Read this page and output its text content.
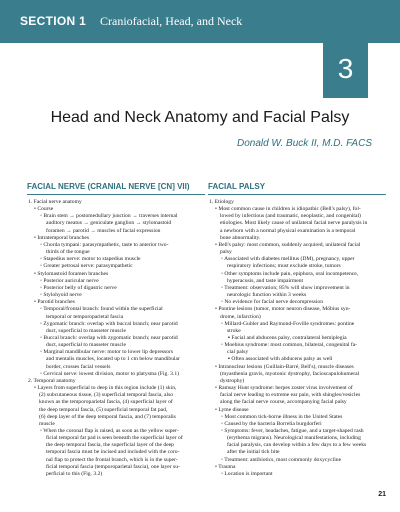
SECTION 1 Craniofacial, Head, and Neck
3
Head and Neck Anatomy and Facial Palsy
Donald W. Buck II, M.D. FACS
FACIAL NERVE (CRANIAL NERVE [CN] VII)
1. Facial nerve anatomy
• Course
◦ Brain stem → postomedullary junction → traverses internal
auditory meatus → geniculate ganglion → stylomastoid
foramen → parotid → muscles of facial expression
• Intratemporal branches
◦ Chorda tympani: parasympathetic, taste to anterior two-
thirds of the tongue
◦ Stapedius nerve: motor to stapedius muscle
◦ Greater petrosal nerve: parasympathetic
• Stylomastoid foramen branches
◦ Posterior auricular nerve
◦ Posterior belly of digastric nerve
◦ Stylohyoid nerve
• Parotid branches
◦ Temporal/frontal branch: found within the superficial
temporal or temporoparietal fascia
◦ Zygomatic branch: overlap with buccal branch; near parotid
duct, superficial to masseter muscle
◦ Buccal branch: overlap with zygomatic branch; near parotid
duct, superficial to masseter muscle
◦ Marginal mandibular nerve: motor to lower lip depressors
and mentalis muscles, located up to 1 cm below mandibular
border, crosses facial vessels
◦ Cervical nerve: lowest division, motor to platysma (Fig. 3.1)
2. Temporal anatomy
• Layers from superficial to deep in this region include (1) skin,
(2) subcutaneous tissue, (3) superficial temporal fascia, also
known as the temporoparietal fascia, (4) superficial layer of
the deep temporal fascia, (5) superficial temporal fat pad,
(6) deep layer of the deep temporal fascia, and (7) temporalis
muscle
◦ When the coronal flap is raised, as soon as the yellow super-
ficial temporal fat pad is seen beneath the superficial layer of
the deep temporal fascia, the superficial layer of the deep
temporal fascia must be incised and included with the coro-
nal flap to protect the frontal branch, which is in the super-
ficial temporal fascia (temporoparietal fascia), one layer su-
perficial to this (Fig. 3.2)
FACIAL PALSY
1. Etiology
• Most common cause in children is idiopathic (Bell's palsy), fol-
lowed by infectious (and traumatic, neoplastic, and congenital)
etiologies. Most likely cause of unilateral facial nerve paralysis in
a newborn with a normal physical examination is a temporal
bone abnormality.
• Bell's palsy: most common, suddenly acquired, unilateral facial
palsy
◦ Associated with diabetes mellitus (DM), pregnancy, upper
respiratory infections; must exclude stroke, tumors
◦ Other symptoms include pain, epiphora, oral incompetence,
hyperacusis, and taste impairment
◦ Treatment: observation; 85% will show improvement in
neurologic function within 3 weeks
◦ No evidence for facial nerve decompression
• Pontine lesions (tumor, motor neuron disease, Möbius syn-
drome, infarction)
◦ Millard-Gubler and Raymond-Foville syndromes: pontine
stroke
▪ Facial and abducens palsy, contralateral hemiplegia
◦ Moebius syndrome: most common, bilateral, congenital fa-
cial palsy
▪ Often associated with abducens palsy as well
• Intranuclear lesions (Guillain-Barré, Bell's), muscle diseases
(myasthenia gravis, myotonic dystrophy, facioscapulohumeral
dystrophy)
• Ramsay Hunt syndrome: herpes zoster virus involvement of
facial nerve leading to extreme ear pain, with shingles/vesicles
along the facial nerve course, accompanying facial palsy
• Lyme disease
◦ Most common tick-borne illness in the United States
◦ Caused by the bacteria Borrelia burgdorferi
◦ Symptoms: fever, headaches, fatigue, and a target-shaped rash
(erythema migrans). Neurological manifestations, including
facial paralysis, can develop within a few days to a few weeks
after the initial tick bite
◦ Treatment: antibiotics, most commonly doxycycline
• Trauma
◦ Location is important
21
